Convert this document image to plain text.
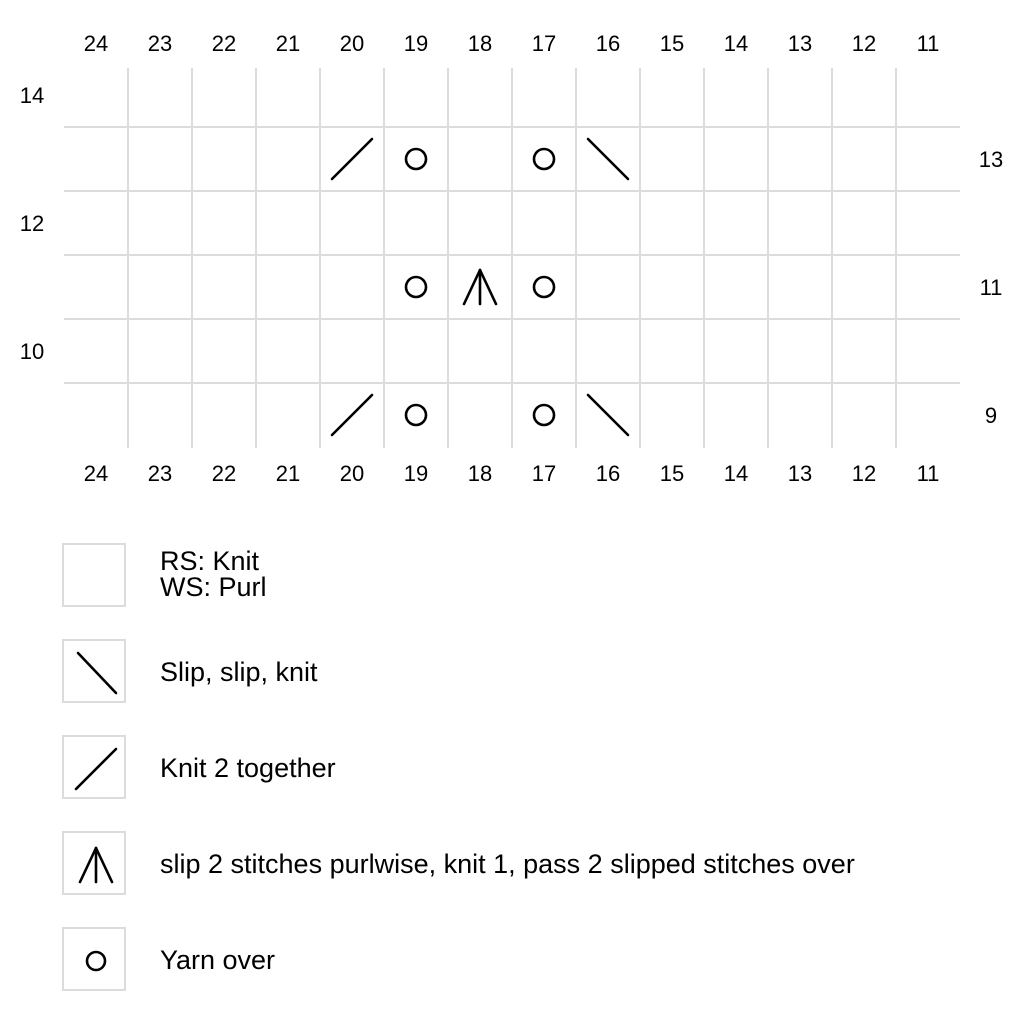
24
24
23
23
22
22
21
21
20
20
19
19
18
18
17
17
16
16
15
15
14
14
13
13
12
12
11
11
14
13
12
11
10
9
RS: Knit
WS: Purl
Slip, slip, knit
Knit 2 together
slip 2 stitches purlwise, knit 1, pass 2 slipped stitches over
Yarn over
